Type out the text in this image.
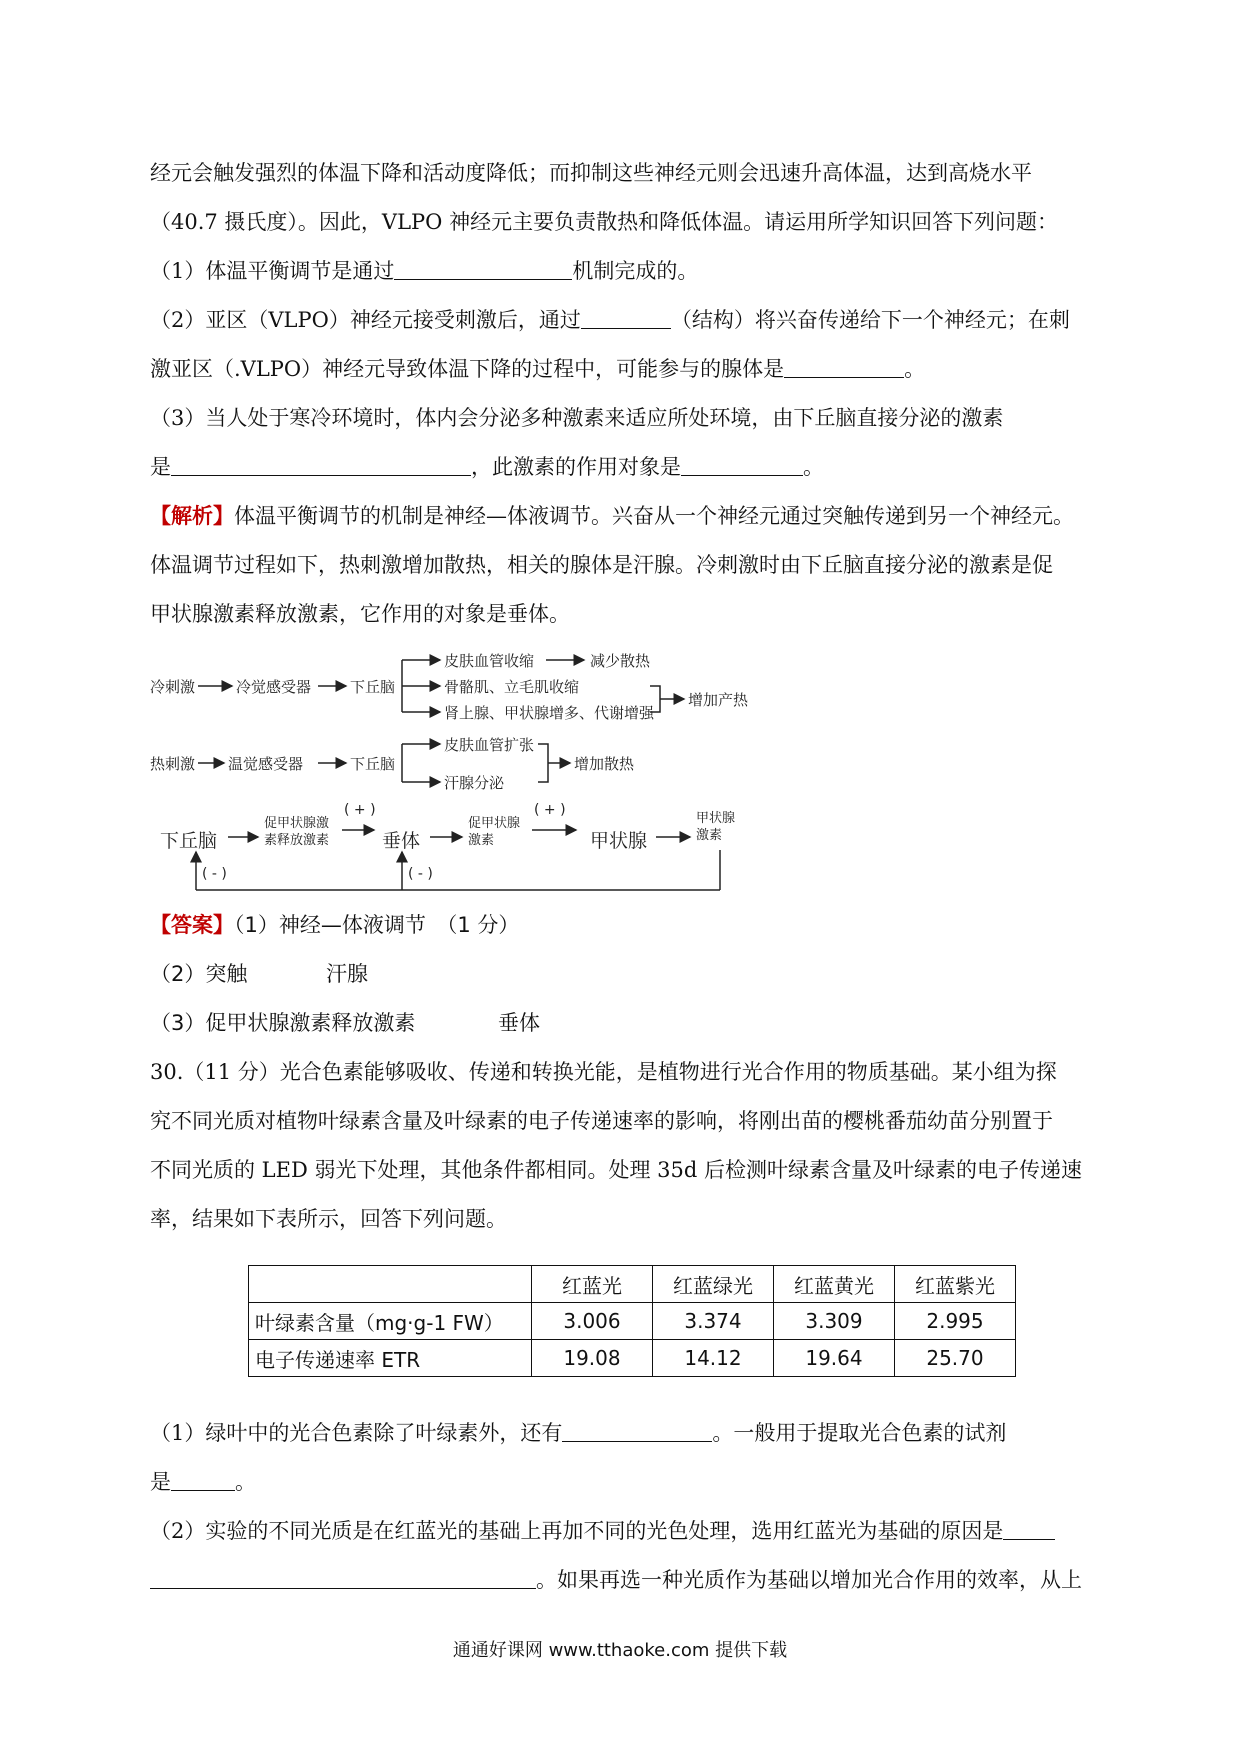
经元会触发强烈的体温下降和活动度降低；而抑制这些神经元则会迅速升高体温，达到高烧水平
（40.7 摄氏度）。因此，VLPO 神经元主要负责散热和降低体温。请运用所学知识回答下列问题：
（1）体温平衡调节是通过	机制完成的。
（2）亚区（VLPO）神经元接受刺激后，通过	（结构）将兴奋传递给下一个神经元；在刺
激亚区（.VLPO）神经元导致体温下降的过程中，可能参与的腺体是	。
（3）当人处于寒冷环境时，体内会分泌多种激素来适应所处环境，由下丘脑直接分泌的激素
是	，此激素的作用对象是	。
【解析】体温平衡调节的机制是神经—体液调节。兴奋从一个神经元通过突触传递到另一个神经元。
体温调节过程如下，热刺激增加散热，相关的腺体是汗腺。冷刺激时由下丘脑直接分泌的激素是促
甲状腺激素释放激素，它作用的对象是垂体。
冷刺激	冷觉感受器	下丘脑
皮肤血管收缩	减少散热
骨骼肌、立毛肌收缩
肾上腺、甲状腺增多、代谢增强
增加产热
热刺激 温觉感受器	下丘脑
皮肤血管扩张
汗腺分泌
增加散热
下丘脑
促甲状腺激
素释放激素
( + )
垂体
促甲状腺
激素
( + )
甲状腺
甲状腺
激素
( - )	( - )
【答案】（1）神经—体液调节　（1 分）
（2）突触	汗腺
（3）促甲状腺激素释放激素	垂体
30.（11 分）光合色素能够吸收、传递和转换光能，是植物进行光合作用的物质基础。某小组为探
究不同光质对植物叶绿素含量及叶绿素的电子传递速率的影响，将刚出苗的樱桃番茄幼苗分别置于
不同光质的 LED 弱光下处理，其他条件都相同。处理 35d 后检测叶绿素含量及叶绿素的电子传递速
率，结果如下表所示，回答下列问题。
	红蓝光	红蓝绿光	红蓝黄光	红蓝紫光
叶绿素含量（mg·g-1 FW）	3.006	3.374	3.309	2.995
电子传递速率 ETR	19.08	14.12	19.64	25.70
（1）绿叶中的光合色素除了叶绿素外，还有	。一般用于提取光合色素的试剂
是	。
（2）实验的不同光质是在红蓝光的基础上再加不同的光色处理，选用红蓝光为基础的原因是
。如果再选一种光质作为基础以增加光合作用的效率，从上
通通好课网 www.tthaoke.com 提供下载
